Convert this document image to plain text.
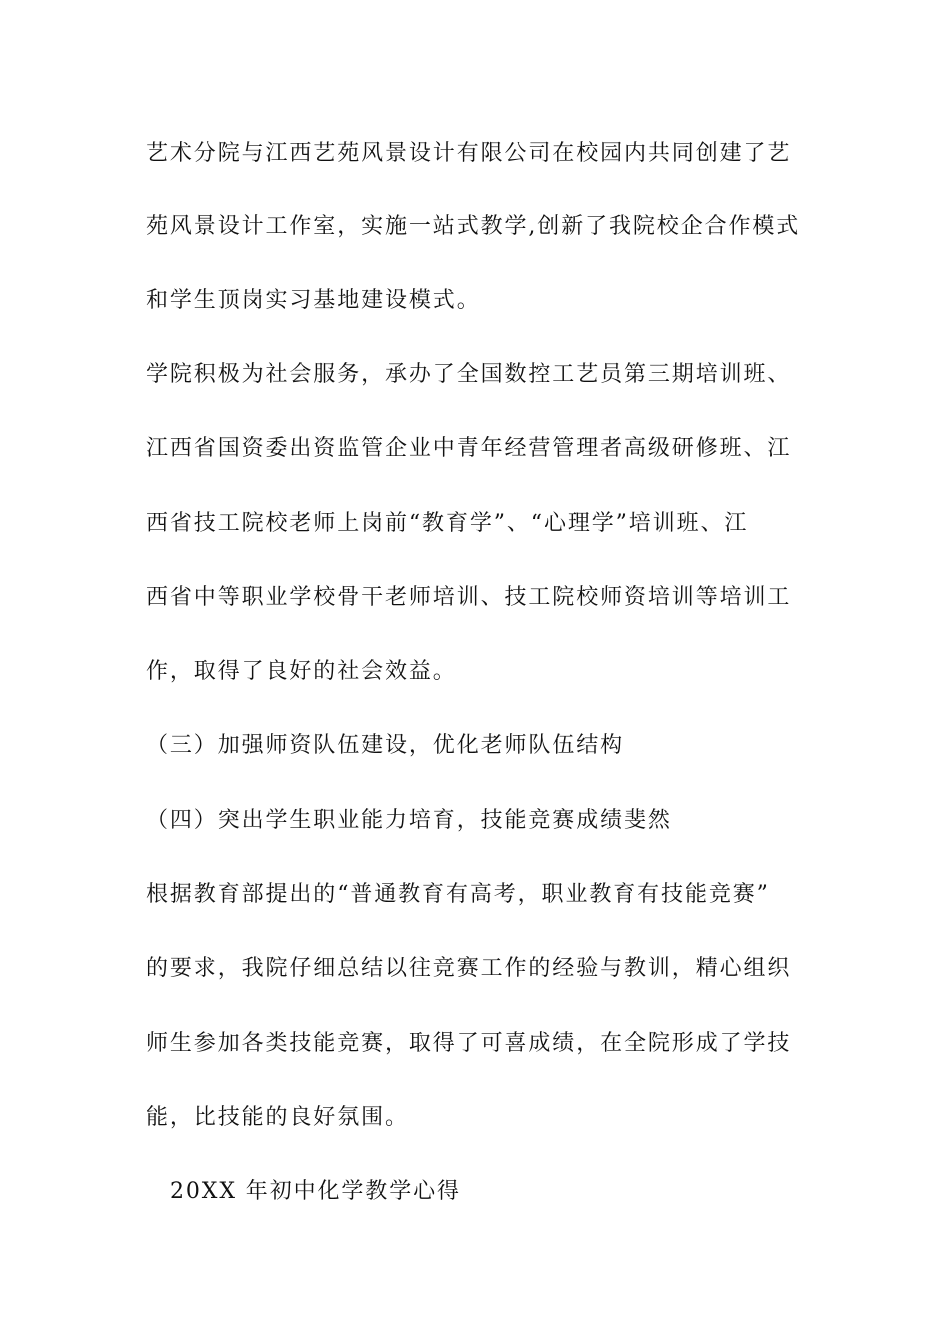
艺术分院与江西艺苑风景设计有限公司在校园内共同创建了艺
苑风景设计工作室，实施一站式教学,创新了我院校企合作模式
和学生顶岗实习基地建设模式。
学院积极为社会服务，承办了全国数控工艺员第三期培训班、
江西省国资委出资监管企业中青年经营管理者高级研修班、江
西省技工院校老师上岗前“教育学”、“心理学”培训班、江
西省中等职业学校骨干老师培训、技工院校师资培训等培训工
作，取得了良好的社会效益。
（三）加强师资队伍建设，优化老师队伍结构
（四）突出学生职业能力培育，技能竞赛成绩斐然
根据教育部提出的“普通教育有高考，职业教育有技能竞赛”
的要求，我院仔细总结以往竞赛工作的经验与教训，精心组织
师生参加各类技能竞赛，取得了可喜成绩，在全院形成了学技
能，比技能的良好氛围。
20XX 年初中化学教学心得
